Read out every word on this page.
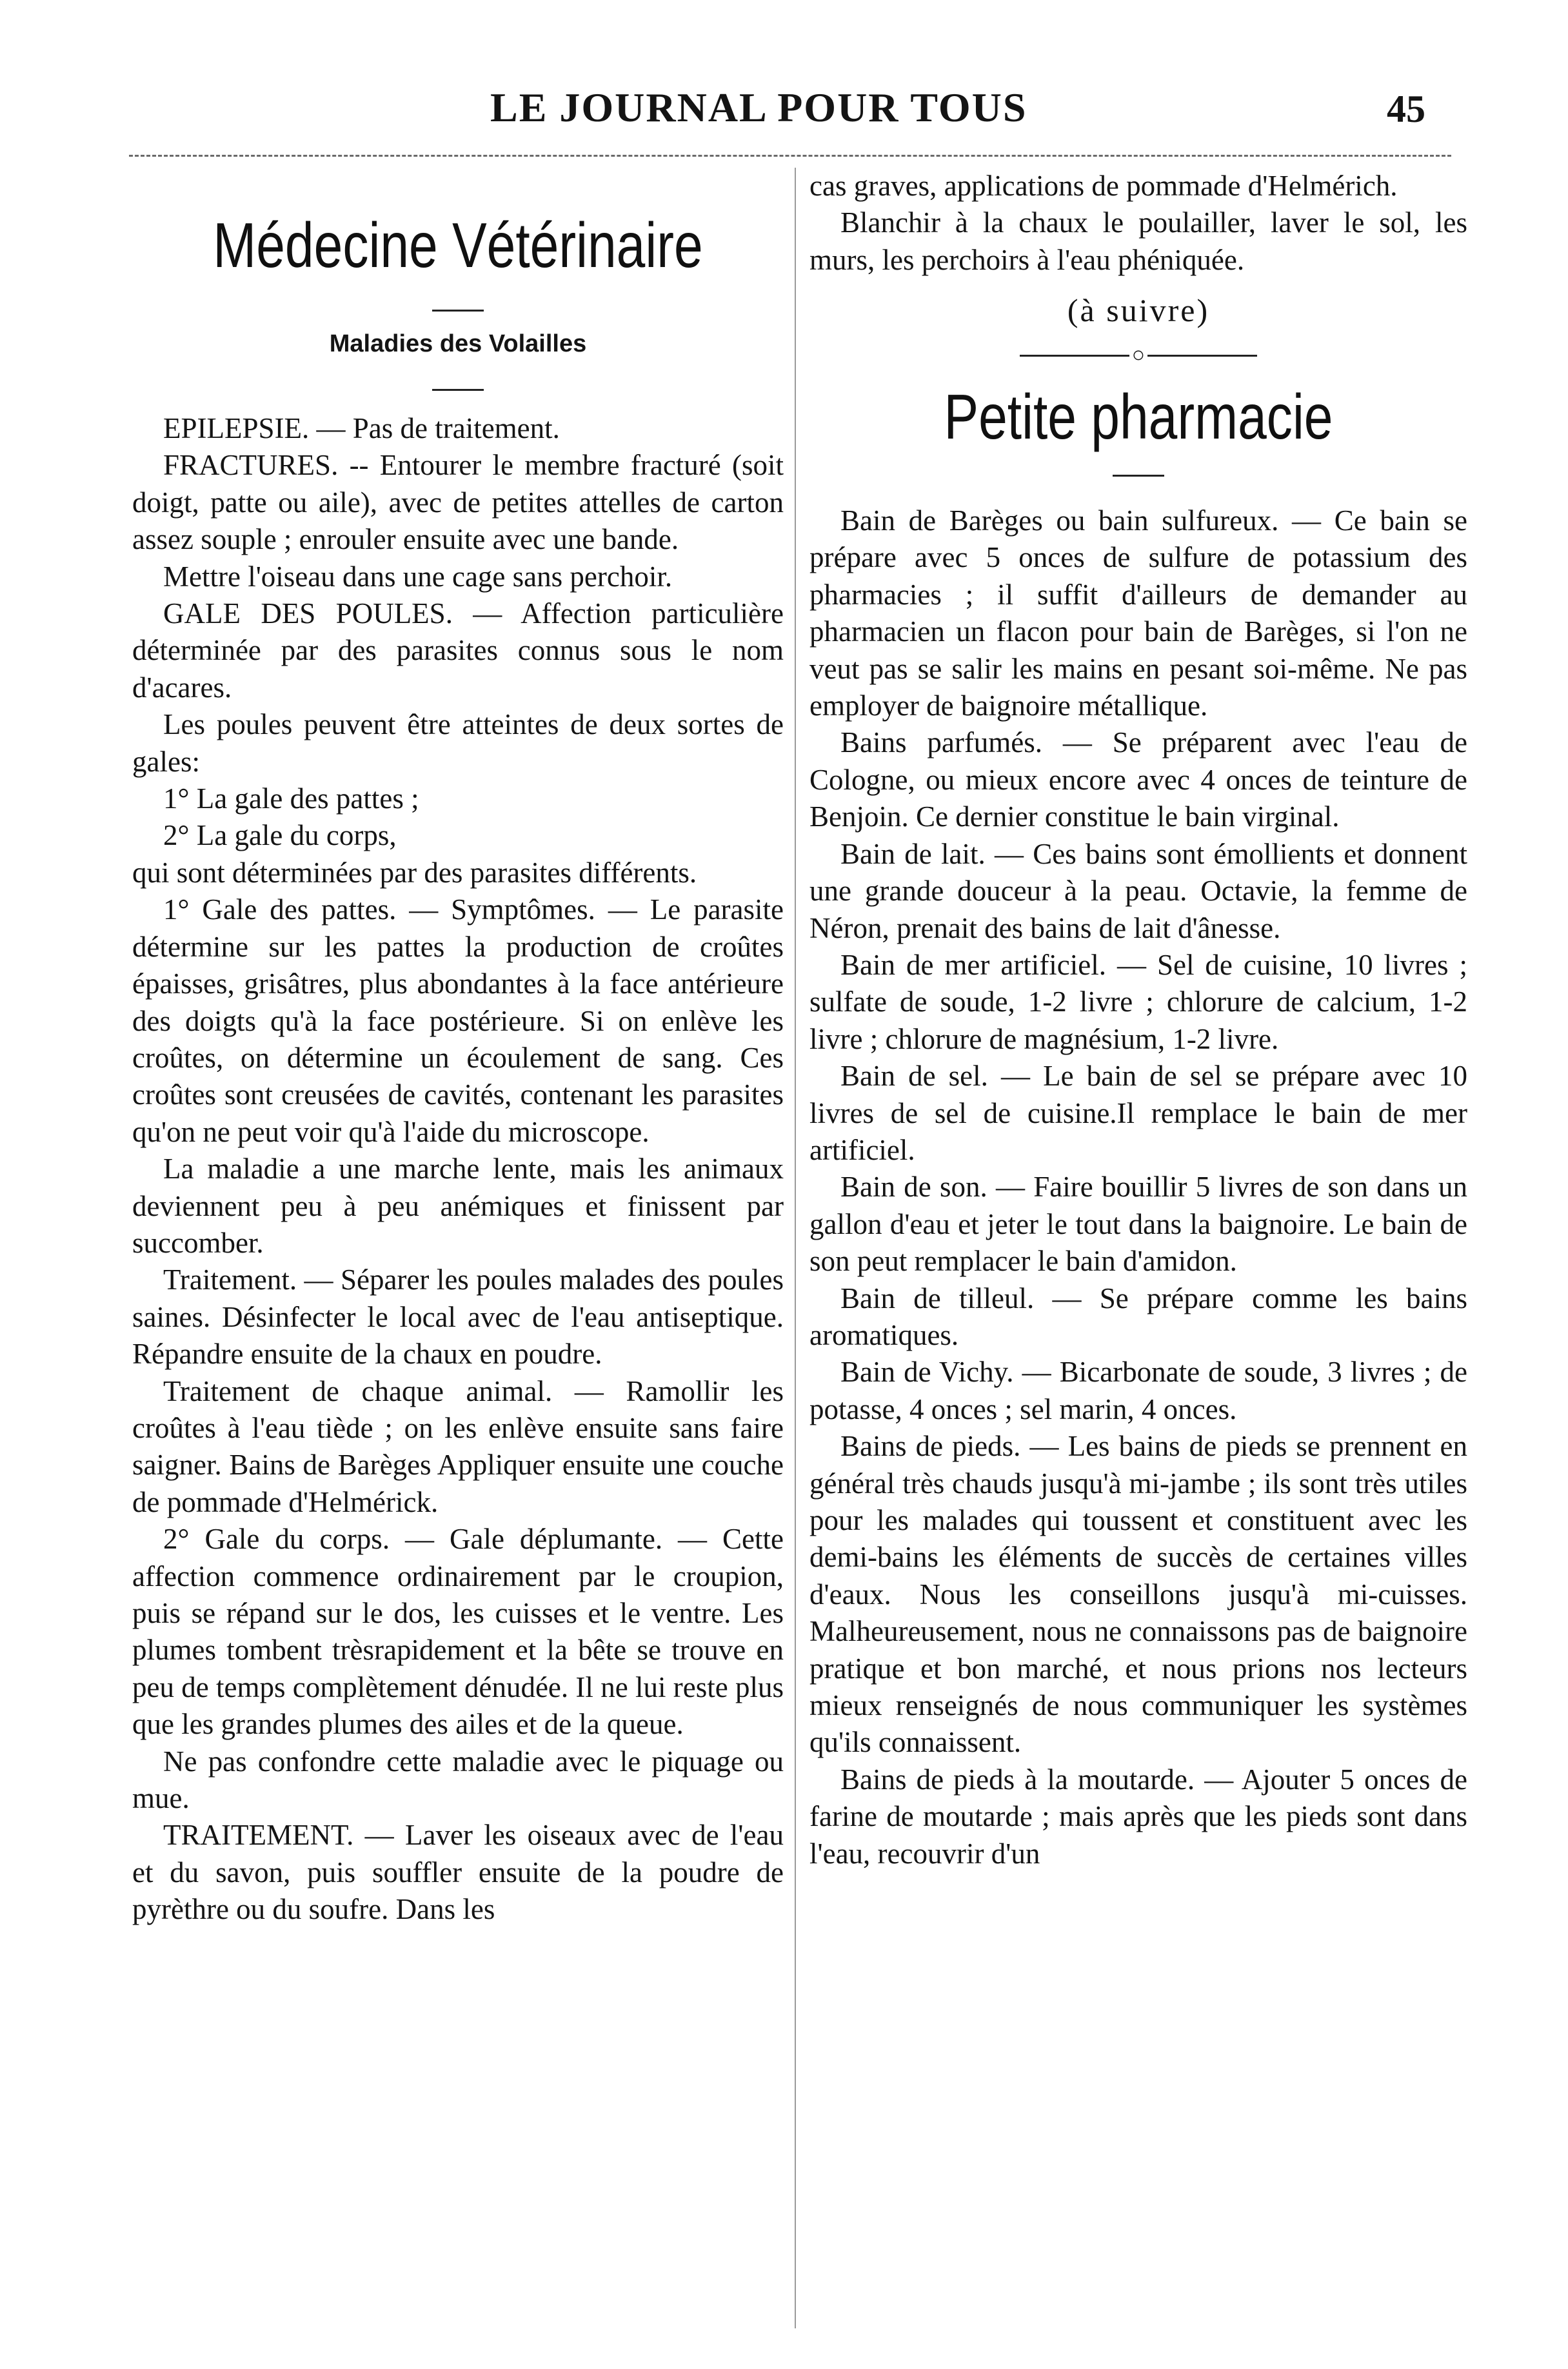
LE JOURNAL POUR TOUS	45
Médecine Vétérinaire
Maladies des Volailles

EPILEPSIE. — Pas de traitement.

FRACTURES. -- Entourer le membre fracturé (soit doigt, patte ou aile), avec de petites attelles de carton assez souple ; enrouler ensuite avec une bande.

Mettre l'oiseau dans une cage sans perchoir.

GALE DES POULES. — Affection particulière déterminée par des parasites connus sous le nom d'acares.

Les poules peuvent être atteintes de deux sortes de gales:

1° La gale des pattes ;

2° La gale du corps,

qui sont déterminées par des parasites différents.

1° Gale des pattes. — Symptômes. — Le parasite détermine sur les pattes la production de croûtes épaisses, grisâtres, plus abondantes à la face antérieure des doigts qu'à la face postérieure. Si on enlève les croûtes, on détermine un écoulement de sang. Ces croûtes sont creusées de cavités, contenant les parasites qu'on ne peut voir qu'à l'aide du microscope.

La maladie a une marche lente, mais les animaux deviennent peu à peu anémiques et finissent par succomber.

Traitement. — Séparer les poules malades des poules saines. Désinfecter le local avec de l'eau antiseptique. Répandre ensuite de la chaux en poudre.

Traitement de chaque animal. — Ramollir les croûtes à l'eau tiède ; on les enlève ensuite sans faire saigner. Bains de Barèges Appliquer ensuite une couche de pommade d'Helmérick.

2° Gale du corps. — Gale déplumante. — Cette affection commence ordinairement par le croupion, puis se répand sur le dos, les cuisses et le ventre. Les plumes tombent trèsrapidement et la bête se trouve en peu de temps complètement dénudée. Il ne lui reste plus que les grandes plumes des ailes et de la queue.

Ne pas confondre cette maladie avec le piquage ou mue.

TRAITEMENT. — Laver les oiseaux avec de l'eau et du savon, puis souffler ensuite de la poudre de pyrèthre ou du soufre. Dans les

cas graves, applications de pommade d'Helmérich.

Blanchir à la chaux le poulailler, laver le sol, les murs, les perchoirs à l'eau phéniquée.

(à suivre)

○
Petite pharmacie

Bain de Barèges ou bain sulfureux. — Ce bain se prépare avec 5 onces de sulfure de potassium des pharmacies ; il suffit d'ailleurs de demander au pharmacien un flacon pour bain de Barèges, si l'on ne veut pas se salir les mains en pesant soi-même. Ne pas employer de baignoire métallique.

Bains parfumés. — Se préparent avec l'eau de Cologne, ou mieux encore avec 4 onces de teinture de Benjoin. Ce dernier constitue le bain virginal.

Bain de lait. — Ces bains sont émollients et donnent une grande douceur à la peau. Octavie, la femme de Néron, prenait des bains de lait d'ânesse.

Bain de mer artificiel. — Sel de cuisine, 10 livres ; sulfate de soude, 1-2 livre ; chlorure de calcium, 1-2 livre ; chlorure de magnésium, 1-2 livre.

Bain de sel. — Le bain de sel se prépare avec 10 livres de sel de cuisine.Il remplace le bain de mer artificiel.

Bain de son. — Faire bouillir 5 livres de son dans un gallon d'eau et jeter le tout dans la baignoire. Le bain de son peut remplacer le bain d'amidon.

Bain de tilleul. — Se prépare comme les bains aromatiques.

Bain de Vichy. — Bicarbonate de soude, 3 livres ; de potasse, 4 onces ; sel marin, 4 onces.

Bains de pieds. — Les bains de pieds se prennent en général très chauds jusqu'à mi-jambe ; ils sont très utiles pour les malades qui toussent et constituent avec les demi-bains les éléments de succès de certaines villes d'eaux. Nous les conseillons jusqu'à mi-cuisses. Malheureusement, nous ne connaissons pas de baignoire pratique et bon marché, et nous prions nos lecteurs mieux renseignés de nous communiquer les systèmes qu'ils connaissent.

Bains de pieds à la moutarde. — Ajouter 5 onces de farine de moutarde ; mais après que les pieds sont dans l'eau, recouvrir d'un
